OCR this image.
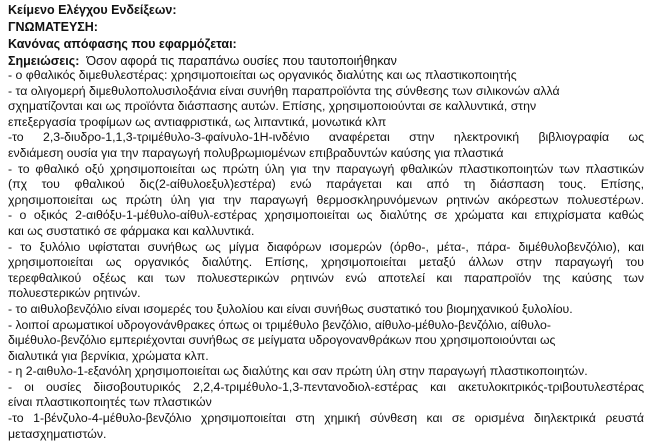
Κείμενο Ελέγχου Ενδείξεων:
ΓΝΩΜΑΤΕΥΣΗ:
Κανόνας απόφασης που εφαρμόζεται:
Σημειώσεις: Όσον αφορά τις παραπάνω ουσίες που ταυτοποιήθηκαν
- ο φθαλικός διμεθυλεστέρας: χρησιμοποιείται ως οργανικός διαλύτης και ως πλαστικοποιητής
- τα ολιγομερή διμεθυλοπολυσιλοξάνια είναι συνήθη παραπροϊόντα της σύνθεσης των σιλικονών αλλά
σχηματίζονται και ως προϊόντα διάσπασης αυτών. Επίσης, χρησιμοποιούνται σε καλλυντικά, στην
επεξεργασία τροφίμων ως αντιαφριστικά, ως λιπαντικά, μονωτικά κλπ
-το 2,3-διυδρο-1,1,3-τριμέθυλο-3-φαίνυλο-1Η-ινδένιο αναφέρεται στην ηλεκτρονική βιβλιογραφία ως
ενδιάμεση ουσία για την παραγωγή πολυβρωμιομένων επιβραδυντών καύσης για πλαστικά
- το φθαλικό οξύ χρησιμοποιείται ως πρώτη ύλη για την παραγωγή φθαλικών πλαστικοποιητών των πλαστικών
(πχ του φθαλικού δις(2-αίθυλοεξυλ)εστέρα) ενώ παράγεται και από τη διάσπαση τους. Επίσης,
χρησιμοποιείται ως πρώτη ύλη για την παραγωγή θερμοσκληρυνόμενων ρητινών ακόρεστων πολυεστέρων.
- ο οξικός 2-αιθόξυ-1-μέθυλο-αίθυλ-εστέρας χρησιμοποιείται ως διαλύτης σε χρώματα και επιχρίσματα καθώς
και ως συστατικό σε φάρμακα και καλλυντικά.
- το ξυλόλιο υφίσταται συνήθως ως μίγμα διαφόρων ισομερών (όρθο-, μέτα-, πάρα- διμέθυλοβενζόλιο), και
χρησιμοποιείται ως οργανικός διαλύτης. Επίσης, χρησιμοποιείται μεταξύ άλλων στην παραγωγή του
τερεφθαλικού οξέως και των πολυεστερικών ρητινών ενώ αποτελεί και παραπροϊόν της καύσης των
πολυεστερικών ρητινών.
- το αιθυλοβενζόλιο είναι ισομερές του ξυλολίου και είναι συνήθως συστατικό του βιομηχανικού ξυλολίου.
- λοιποί αρωματικοί υδρογονάνθρακες όπως οι τριμέθυλο βενζόλιο, αίθυλο-μέθυλο-βενζόλιο, αίθυλο-
διμέθυλο-βενζόλιο εμπεριέχονται συνήθως σε μείγματα υδρογονανθράκων που χρησιμοποιούνται ως
διαλυτικά για βερνίκια, χρώματα κλπ.
- η 2-αιθυλο-1-εξανόλη χρησιμοποιείται ως διαλύτης και σαν πρώτη ύλη στην παραγωγή πλαστικοποιητών.
- οι ουσίες δiισοβουτυρικός 2,2,4-τριμέθυλο-1,3-πεντανοδιολ-εστέρας και ακετυλοκιτρικός-τριβουτυλεστέρας
είναι πλαστικοποιητές των πλαστικών
-το 1-βένζυλο-4-μέθυλο-βενζόλιο χρησιμοποιείται στη χημική σύνθεση και σε ορισμένα διηλεκτρικά ρευστά
μετασχηματιστών.
